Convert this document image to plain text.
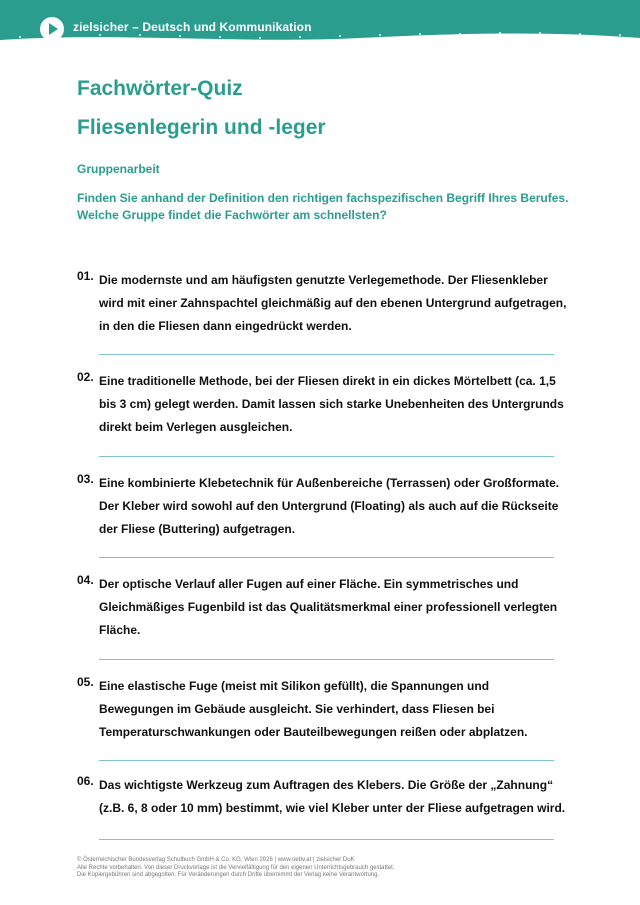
zielsicher – Deutsch und Kommunikation
Fachwörter-Quiz
Fliesenlegerin und -leger
Gruppenarbeit
Finden Sie anhand der Definition den richtigen fachspezifischen Begriff Ihres Berufes. Welche Gruppe findet die Fachwörter am schnellsten?
01. Die modernste und am häufigsten genutzte Verlegemethode. Der Fliesenkleber wird mit einer Zahnspachtel gleichmäßig auf den ebenen Untergrund aufgetragen, in den die Fliesen dann eingedrückt werden.
02. Eine traditionelle Methode, bei der Fliesen direkt in ein dickes Mörtelbett (ca. 1,5 bis 3 cm) gelegt werden. Damit lassen sich starke Unebenheiten des Untergrunds direkt beim Verlegen ausgleichen.
03. Eine kombinierte Klebetechnik für Außenbereiche (Terrassen) oder Großformate. Der Kleber wird sowohl auf den Untergrund (Floating) als auch auf die Rückseite der Fliese (Buttering) aufgetragen.
04. Der optische Verlauf aller Fugen auf einer Fläche. Ein symmetrisches und Gleichmäßiges Fugenbild ist das Qualitätsmerkmal einer professionell verlegten Fläche.
05. Eine elastische Fuge (meist mit Silikon gefüllt), die Spannungen und Bewegungen im Gebäude ausgleicht. Sie verhindert, dass Fliesen bei Temperaturschwankungen oder Bauteilbewegungen reißen oder abplatzen.
06. Das wichtigste Werkzeug zum Auftragen des Klebers. Die Größe der „Zahnung“ (z.B. 6, 8 oder 10 mm) bestimmt, wie viel Kleber unter der Fliese aufgetragen wird.
© Österreichischer Bundesverlag Schulbuch GmbH & Co. KG, Wien 2026 | www.oebv.at | zielsicher DuK
Alle Rechte vorbehalten. Von dieser Druckvorlage ist die Vervielfältigung für den eigenen Unterrichtsgebrauch gestattet.
Die Kopiergebühren sind abgegolten. Für Veränderungen durch Dritte übernimmt der Verlag keine Verantwortung.
